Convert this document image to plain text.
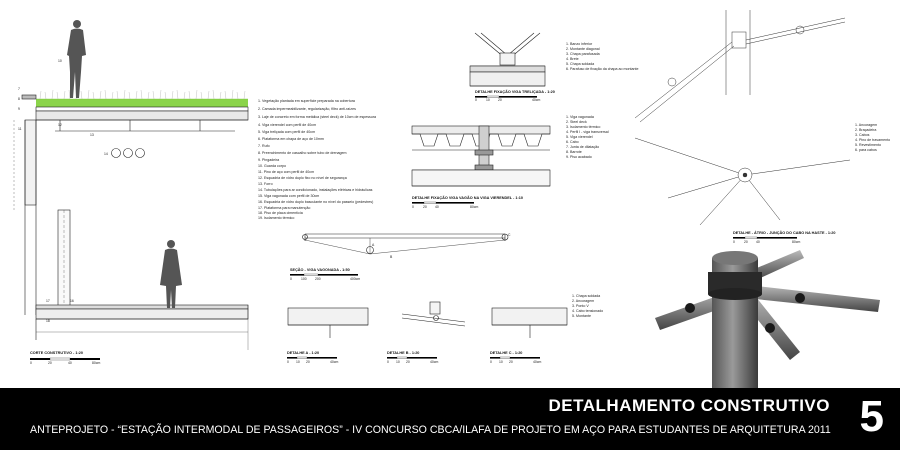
7
8
9
12
13
14
10
11
17	16
18
0	20	40	80cm
CORTE CONSTRUTIVO - 1:20
1. Vegetação plantada em superfície preparada na cobertura
2. Camada impermeabilizante, regularização, filtro anti-raízes
3. Laje de concreto em forma metálica (steel deck) de 10cm de espessura
4. Viga vierendel com perfil de 40cm
5. Viga treliçada com perfil de 40cm
6. Plataforma em chapa de aço de 10mm
7. Rufo
8. Preenchimento de cascalho sobre tubo de drenagem
9. Pingadeira
10. Guarda corpo
11. Pino de aço com perfil de 40cm
12. Esquadria de vidro duplo fixo no nível de segurança
13. Forro
14. Tubulações para ar condicionado, instalações elétricas e hidráulicas
15. Viga vagonada com perfil de 30cm
16. Esquadria de vidro duplo basculante no nível do passeio (pedestres)
17. Plataforma para manutenção
18. Piso de placa cimentícia
19. Isolamento térmico
DETALHE FIXAÇÃO VIGA TRELIÇADA - 1:20
0	10 20	40cm
1. Banzo inferior
2. Montante diagonal
3. Chapa parafusada
4. Brete
5. Chapa soldada
6. Parafuso de fixação da chapa ao montante
DETALHE FIXAÇÃO VIGA VAGÃO NA VIGA VIERENDEL - 1:10
0	20 40	80cm
1. Viga vagonada
2. Steel deck
3. Isolamento térmico
4. Perfil I - viga transversal
5. Viga vierendel
6. Cabo
7. Junta de dilatação
8. Barrote
9. Piso acabado
A
B
C
SEÇÃO - VIGA VAGONADA - 1:50
0	100 200	400cm
DETALHE A - 1:20
0 10 20	40cm
DETALHE B - 1:20
0 10 20	40cm
DETALHE C - 1:20
0 10 20	40cm
1. Chapa soldada
2. Ancoragem
3. Ponto V
4. Cabo tensionado
5. Montante
1. Ancoragem
2. Braçadeira
3. Cabos
4. Pino de travamento
5. Revestimento
6. para cabos
DETALHE - ÁTRIO - JUNÇÃO DO CABO NA HASTE - 1:20
0	20 40	80cm
DETALHAMENTO CONSTRUTIVO
ANTEPROJETO - “ESTAÇÃO INTERMODAL DE PASSAGEIROS” - IV CONCURSO CBCA/ILAFA DE PROJETO EM AÇO PARA ESTUDANTES DE ARQUITETURA 2011 5
